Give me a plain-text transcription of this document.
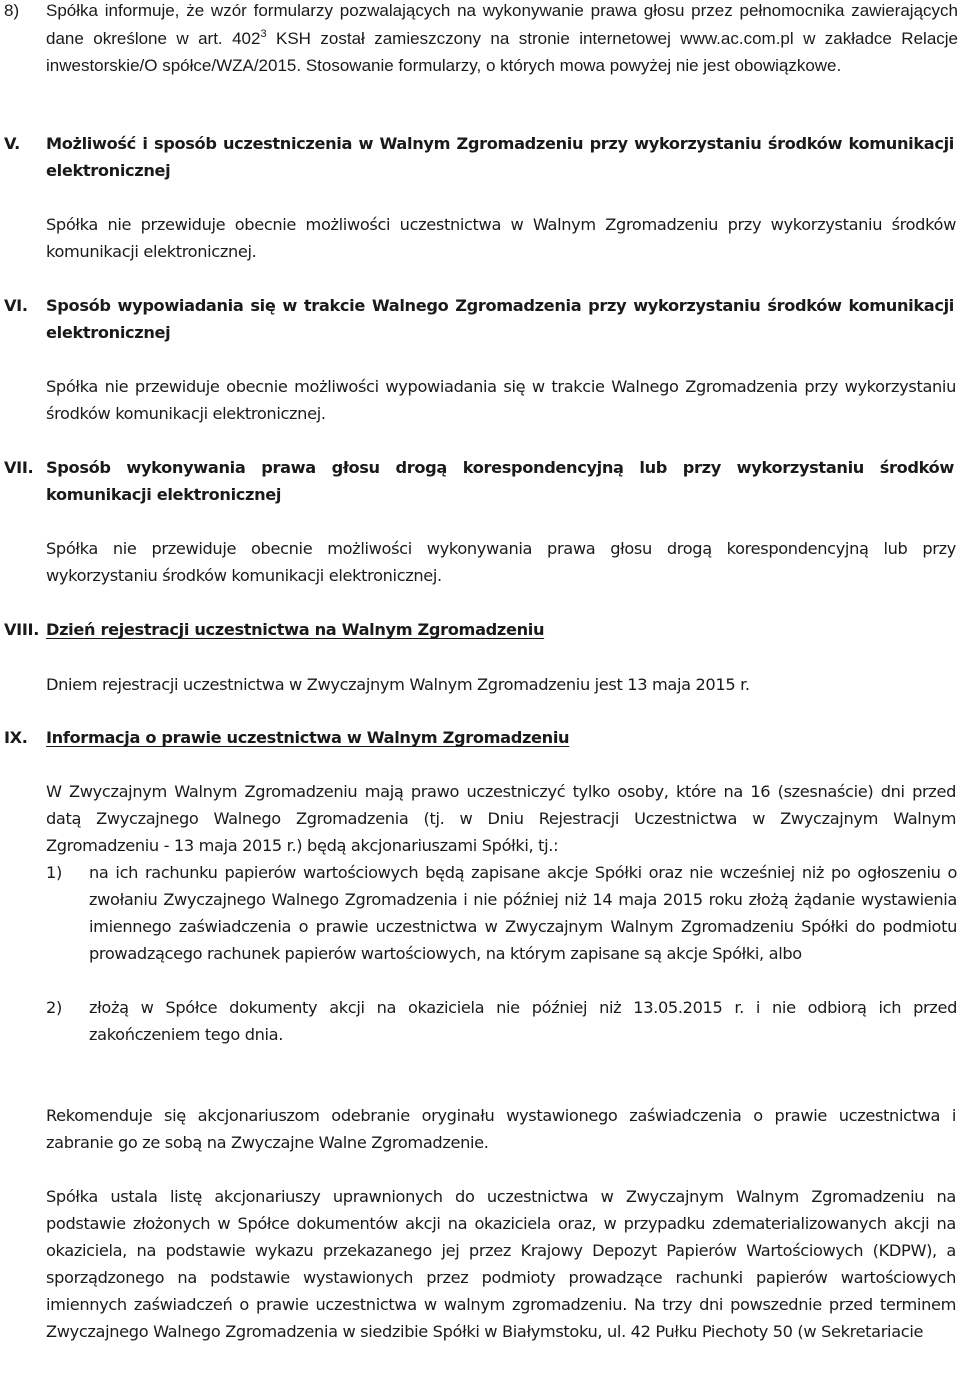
8) Spółka informuje, że wzór formularzy pozwalających na wykonywanie prawa głosu przez pełnomocnika zawierających dane określone w art. $402^3$ KSH został zamieszczony na stronie internetowej www.ac.com.pl w zakładce Relacje inwestorskie/O spółce/WZA/2015. Stosowanie formularzy, o których mowa powyżej nie jest obowiązkowe.
V. Możliwość i sposób uczestniczenia w Walnym Zgromadzeniu przy wykorzystaniu środków komunikacji elektronicznej
Spółka nie przewiduje obecnie możliwości uczestnictwa w Walnym Zgromadzeniu przy wykorzystaniu środków komunikacji elektronicznej.
VI. Sposób wypowiadania się w trakcie Walnego Zgromadzenia przy wykorzystaniu środków komunikacji elektronicznej
Spółka nie przewiduje obecnie możliwości wypowiadania się w trakcie Walnego Zgromadzenia przy wykorzystaniu środków komunikacji elektronicznej.
VII. Sposób wykonywania prawa głosu drogą korespondencyjną lub przy wykorzystaniu środków komunikacji elektronicznej
Spółka nie przewiduje obecnie możliwości wykonywania prawa głosu drogą korespondencyjną lub przy wykorzystaniu środków komunikacji elektronicznej.
VIII. Dzień rejestracji uczestnictwa na Walnym Zgromadzeniu
Dniem rejestracji uczestnictwa w Zwyczajnym Walnym Zgromadzeniu jest 13 maja 2015 r.
IX. Informacja o prawie uczestnictwa w Walnym Zgromadzeniu
W Zwyczajnym Walnym Zgromadzeniu mają prawo uczestniczyć tylko osoby, które na 16 (szesnaście) dni przed datą Zwyczajnego Walnego Zgromadzenia (tj. w Dniu Rejestracji Uczestnictwa w Zwyczajnym Walnym Zgromadzeniu - 13 maja 2015 r.) będą akcjonariuszami Spółki, tj.:
1) na ich rachunku papierów wartościowych będą zapisane akcje Spółki oraz nie wcześniej niż po ogłoszeniu o zwołaniu Zwyczajnego Walnego Zgromadzenia i nie później niż 14 maja 2015 roku złożą żądanie wystawienia imiennego zaświadczenia o prawie uczestnictwa w Zwyczajnym Walnym Zgromadzeniu Spółki do podmiotu prowadzącego rachunek papierów wartościowych, na którym zapisane są akcje Spółki, albo
2) złożą w Spółce dokumenty akcji na okaziciela nie później niż 13.05.2015 r. i nie odbiorą ich przed zakończeniem tego dnia.
Rekomenduje się akcjonariuszom odebranie oryginału wystawionego zaświadczenia o prawie uczestnictwa i zabranie go ze sobą na Zwyczajne Walne Zgromadzenie.
Spółka ustala listę akcjonariuszy uprawnionych do uczestnictwa w Zwyczajnym Walnym Zgromadzeniu na podstawie złożonych w Spółce dokumentów akcji na okaziciela oraz, w przypadku zdematerializowanych akcji na okaziciela, na podstawie wykazu przekazanego jej przez Krajowy Depozyt Papierów Wartościowych (KDPW), a sporządzonego na podstawie wystawionych przez podmioty prowadzące rachunki papierów wartościowych imiennych zaświadczeń o prawie uczestnictwa w walnym zgromadzeniu. Na trzy dni powszednie przed terminem Zwyczajnego Walnego Zgromadzenia w siedzibie Spółki w Białymstoku, ul. 42 Pułku Piechoty 50 (w Sekretariacie
